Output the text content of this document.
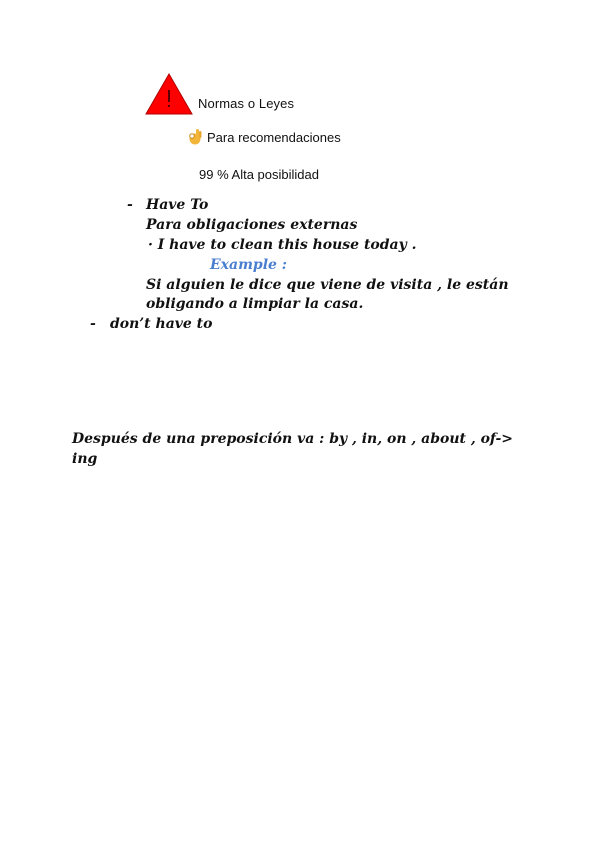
Normas o Leyes
Para recomendaciones
99 % Alta posibilidad
- Have To
Para obligaciones externas
· I have to clean this house today .
Example :
Si alguien le dice que viene de visita , le están
obligando a limpiar la casa.
- don’t have to
Después de una preposición va : by , in, on , about , of->
ing
